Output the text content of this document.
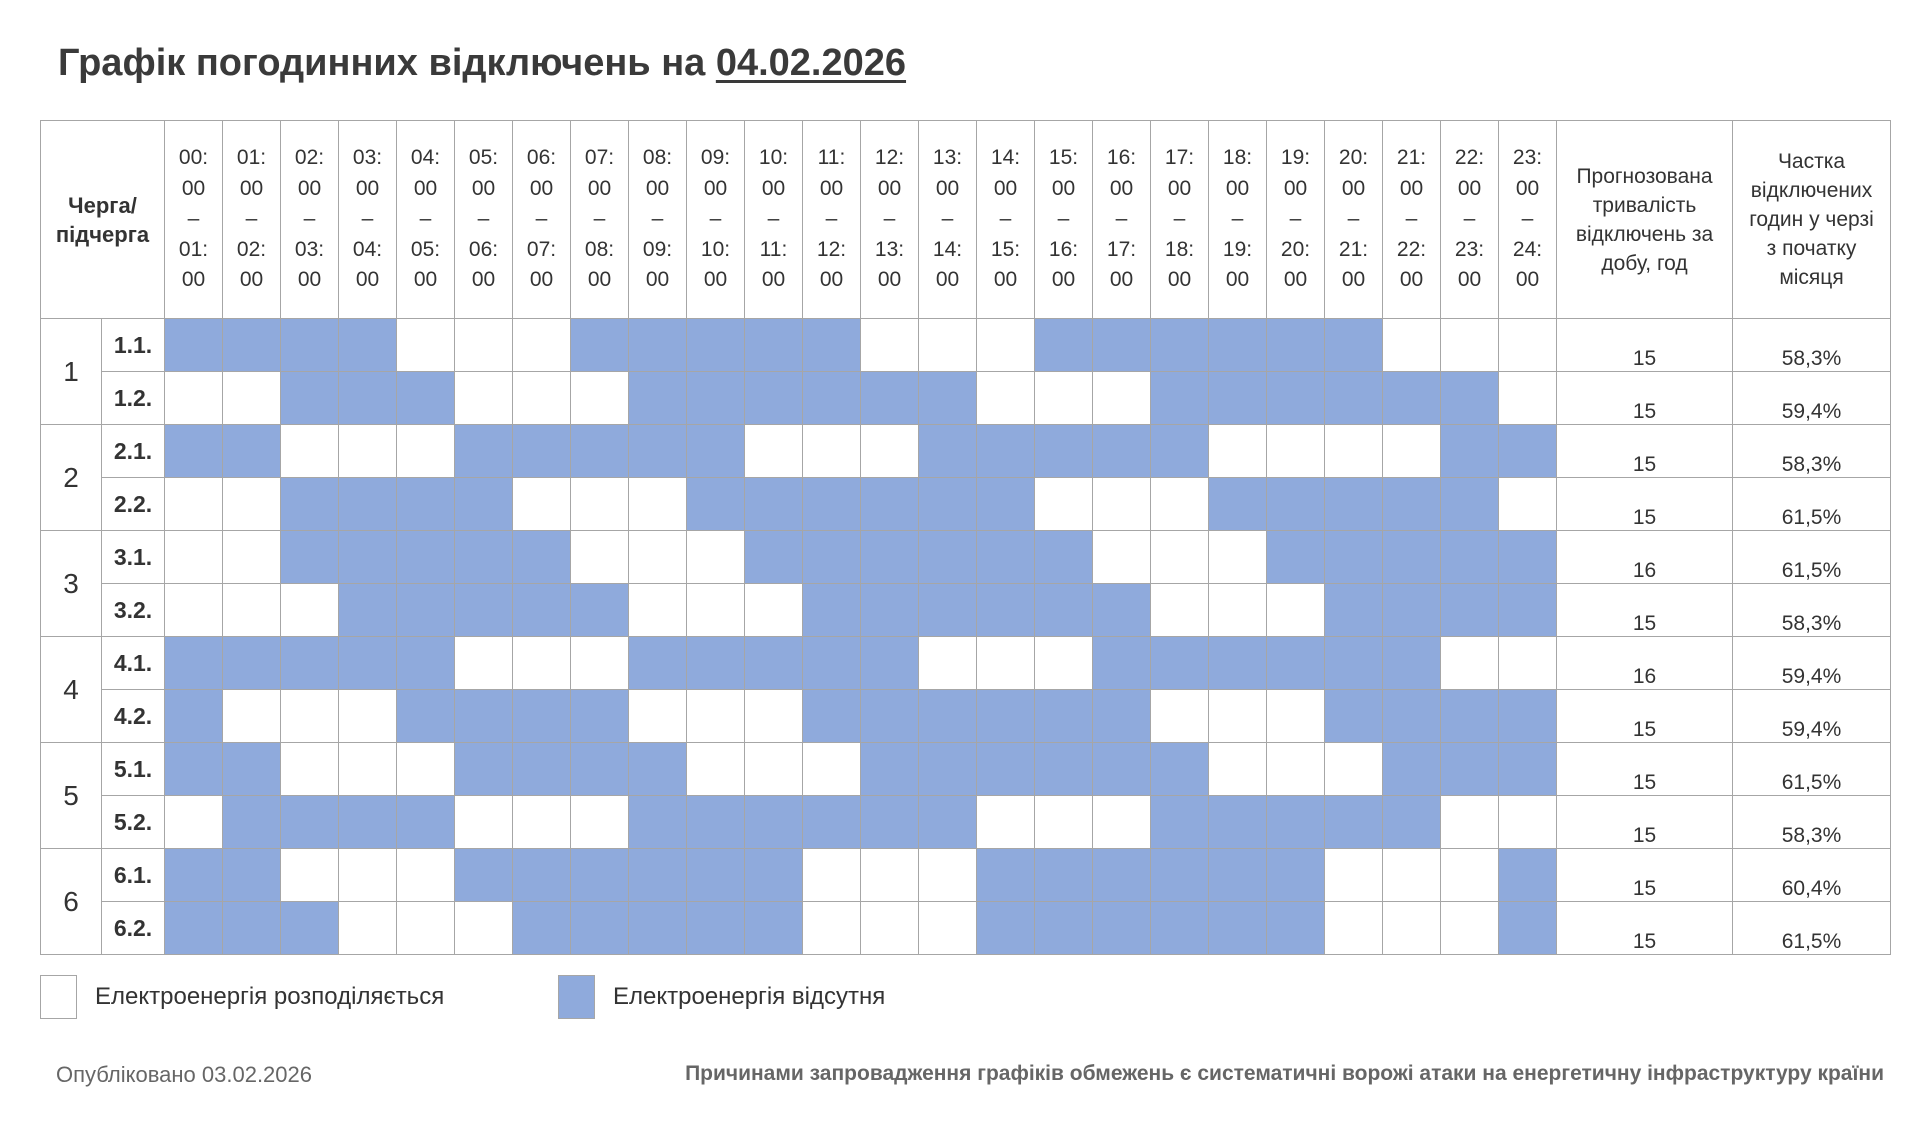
Графік погодинних відключень на 04.02.2026
Черга/
підчерга		00:
00
–
01:
00	01:
00
–
02:
00	02:
00
–
03:
00	03:
00
–
04:
00	04:
00
–
05:
00	05:
00
–
06:
00	06:
00
–
07:
00	07:
00
–
08:
00	08:
00
–
09:
00	09:
00
–
10:
00	10:
00
–
11:
00	11:
00
–
12:
00	12:
00
–
13:
00	13:
00
–
14:
00	14:
00
–
15:
00	15:
00
–
16:
00	16:
00
–
17:
00	17:
00
–
18:
00	18:
00
–
19:
00	19:
00
–
20:
00	20:
00
–
21:
00	21:
00
–
22:
00	22:
00
–
23:
00	23:
00
–
24:
00	Прогнозована
тривалість
відключень за
добу, год	Частка
відключених
годин у черзі
з початку
місяця

1	1.1.																									15	58,3%
	1.2.																									15	59,4%
2	2.1.																									15	58,3%
	2.2.																									15	61,5%
3	3.1.																									16	61,5%
	3.2.																									15	58,3%
4	4.1.																									16	59,4%
	4.2.																									15	59,4%
5	5.1.																									15	61,5%
	5.2.																									15	58,3%
6	6.1.																									15	60,4%
	6.2.																									15	61,5%
Електроенергія розподіляється	Електроенергія відсутня
Опубліковано 03.02.2026	Причинами запровадження графіків обмежень є систематичні ворожі атаки на енергетичну інфраструктуру країни
